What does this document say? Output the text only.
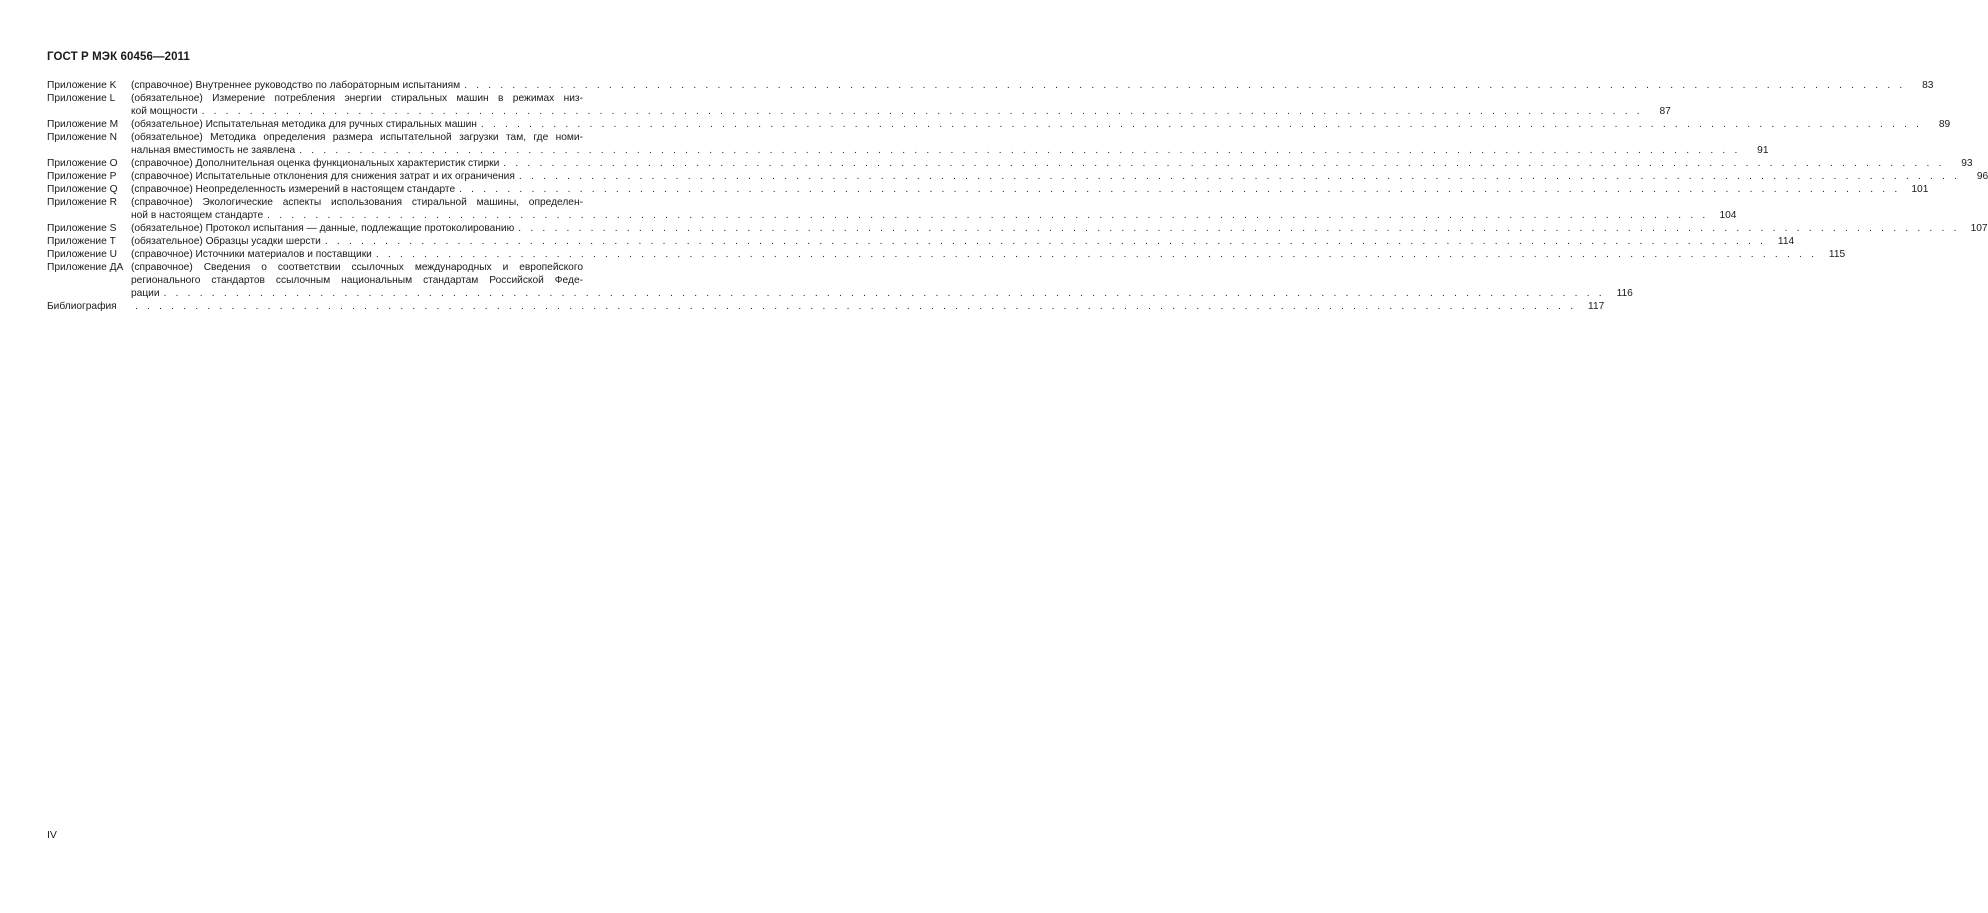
ГОСТ Р МЭК 60456—2011
Приложение K	(справочное) Внутреннее руководство по лабораторным испытаниям . . . . . . . . . . . . . . . . . . . . . . . . . . . . . . . . . . . . . . . . . . . . . . . . . . . . . . . . . . . . . . . . . . . . . . . . . . . . . . . . . . . . . . . . . . . . . . . . . . . . . . . . . . . . . . . . . . . . . . . .	83
Приложение L	(обязательное) Измерение потребления энергии стиральных машин в режимах низ-
кой мощности . . . . . . . . . . . . . . . . . . . . . . . . . . . . . . . . . . . . . . . . . . . . . . . . . . . . . . . . . . . . . . . . . . . . . . . . . . . . . . . . . . . . . . . . . . . . . . . . . . . . . . . . . . . . . . . . . . . . . . . .	87
Приложение M	(обязательное) Испытательная методика для ручных стиральных машин . . . . . . . . . . . . . . . . . . . . . . . . . . . . . . . . . . . . . . . . . . . . . . . . . . . . . . . . . . . . . . . . . . . . . . . . . . . . . . . . . . . . . . . . . . . . . . . . . . . . . . . . . . . . . . . . . . . . . . . .	89
Приложение N	(обязательное) Методика определения размера испытательной загрузки там, где номи-
нальная вместимость не заявлена . . . . . . . . . . . . . . . . . . . . . . . . . . . . . . . . . . . . . . . . . . . . . . . . . . . . . . . . . . . . . . . . . . . . . . . . . . . . . . . . . . . . . . . . . . . . . . . . . . . . . . . . . . . . . . . . . . . . . . . .	91
Приложение O	(справочное) Дополнительная оценка функциональных характеристик стирки . . . . . . . . . . . . . . . . . . . . . . . . . . . . . . . . . . . . . . . . . . . . . . . . . . . . . . . . . . . . . . . . . . . . . . . . . . . . . . . . . . . . . . . . . . . . . . . . . . . . . . . . . . . . . . . . . . . . . . . .	93
Приложение P	(справочное) Испытательные отклонения для снижения затрат и их ограничения . . . . . . . . . . . . . . . . . . . . . . . . . . . . . . . . . . . . . . . . . . . . . . . . . . . . . . . . . . . . . . . . . . . . . . . . . . . . . . . . . . . . . . . . . . . . . . . . . . . . . . . . . . . . . . . . . . . . . . . .	96
Приложение Q	(справочное) Неопределенность измерений в настоящем стандарте . . . . . . . . . . . . . . . . . . . . . . . . . . . . . . . . . . . . . . . . . . . . . . . . . . . . . . . . . . . . . . . . . . . . . . . . . . . . . . . . . . . . . . . . . . . . . . . . . . . . . . . . . . . . . . . . . . . . . . . .	101
Приложение R	(справочное) Экологические аспекты использования стиральной машины, определен-
ной в настоящем стандарте . . . . . . . . . . . . . . . . . . . . . . . . . . . . . . . . . . . . . . . . . . . . . . . . . . . . . . . . . . . . . . . . . . . . . . . . . . . . . . . . . . . . . . . . . . . . . . . . . . . . . . . . . . . . . . . . . . . . . . . .	104
Приложение S	(обязательное) Протокол испытания — данные, подлежащие протоколированию . . . . . . . . . . . . . . . . . . . . . . . . . . . . . . . . . . . . . . . . . . . . . . . . . . . . . . . . . . . . . . . . . . . . . . . . . . . . . . . . . . . . . . . . . . . . . . . . . . . . . . . . . . . . . . . . . . . . . . . .	107
Приложение T	(обязательное) Образцы усадки шерсти . . . . . . . . . . . . . . . . . . . . . . . . . . . . . . . . . . . . . . . . . . . . . . . . . . . . . . . . . . . . . . . . . . . . . . . . . . . . . . . . . . . . . . . . . . . . . . . . . . . . . . . . . . . . . . . . . . . . . . . .	114
Приложение U	(справочное) Источники материалов и поставщики . . . . . . . . . . . . . . . . . . . . . . . . . . . . . . . . . . . . . . . . . . . . . . . . . . . . . . . . . . . . . . . . . . . . . . . . . . . . . . . . . . . . . . . . . . . . . . . . . . . . . . . . . . . . . . . . . . . . . . . .	115
Приложение ДА (справочное) Сведения о соответствии ссылочных международных и европейского
регионального стандартов ссылочным национальным стандартам Российской Феде-
рации . . . . . . . . . . . . . . . . . . . . . . . . . . . . . . . . . . . . . . . . . . . . . . . . . . . . . . . . . . . . . . . . . . . . . . . . . . . . . . . . . . . . . . . . . . . . . . . . . . . . . . . . . . . . . . . . . . . . . . . .	116
Библиография	. . . . . . . . . . . . . . . . . . . . . . . . . . . . . . . . . . . . . . . . . . . . . . . . . . . . . . . . . . . . . . . . . . . . . . . . . . . . . . . . . . . . . . . . . . . . . . . . . . . . . . . . . . . . . . . . . . . . . . . .	117
IV
